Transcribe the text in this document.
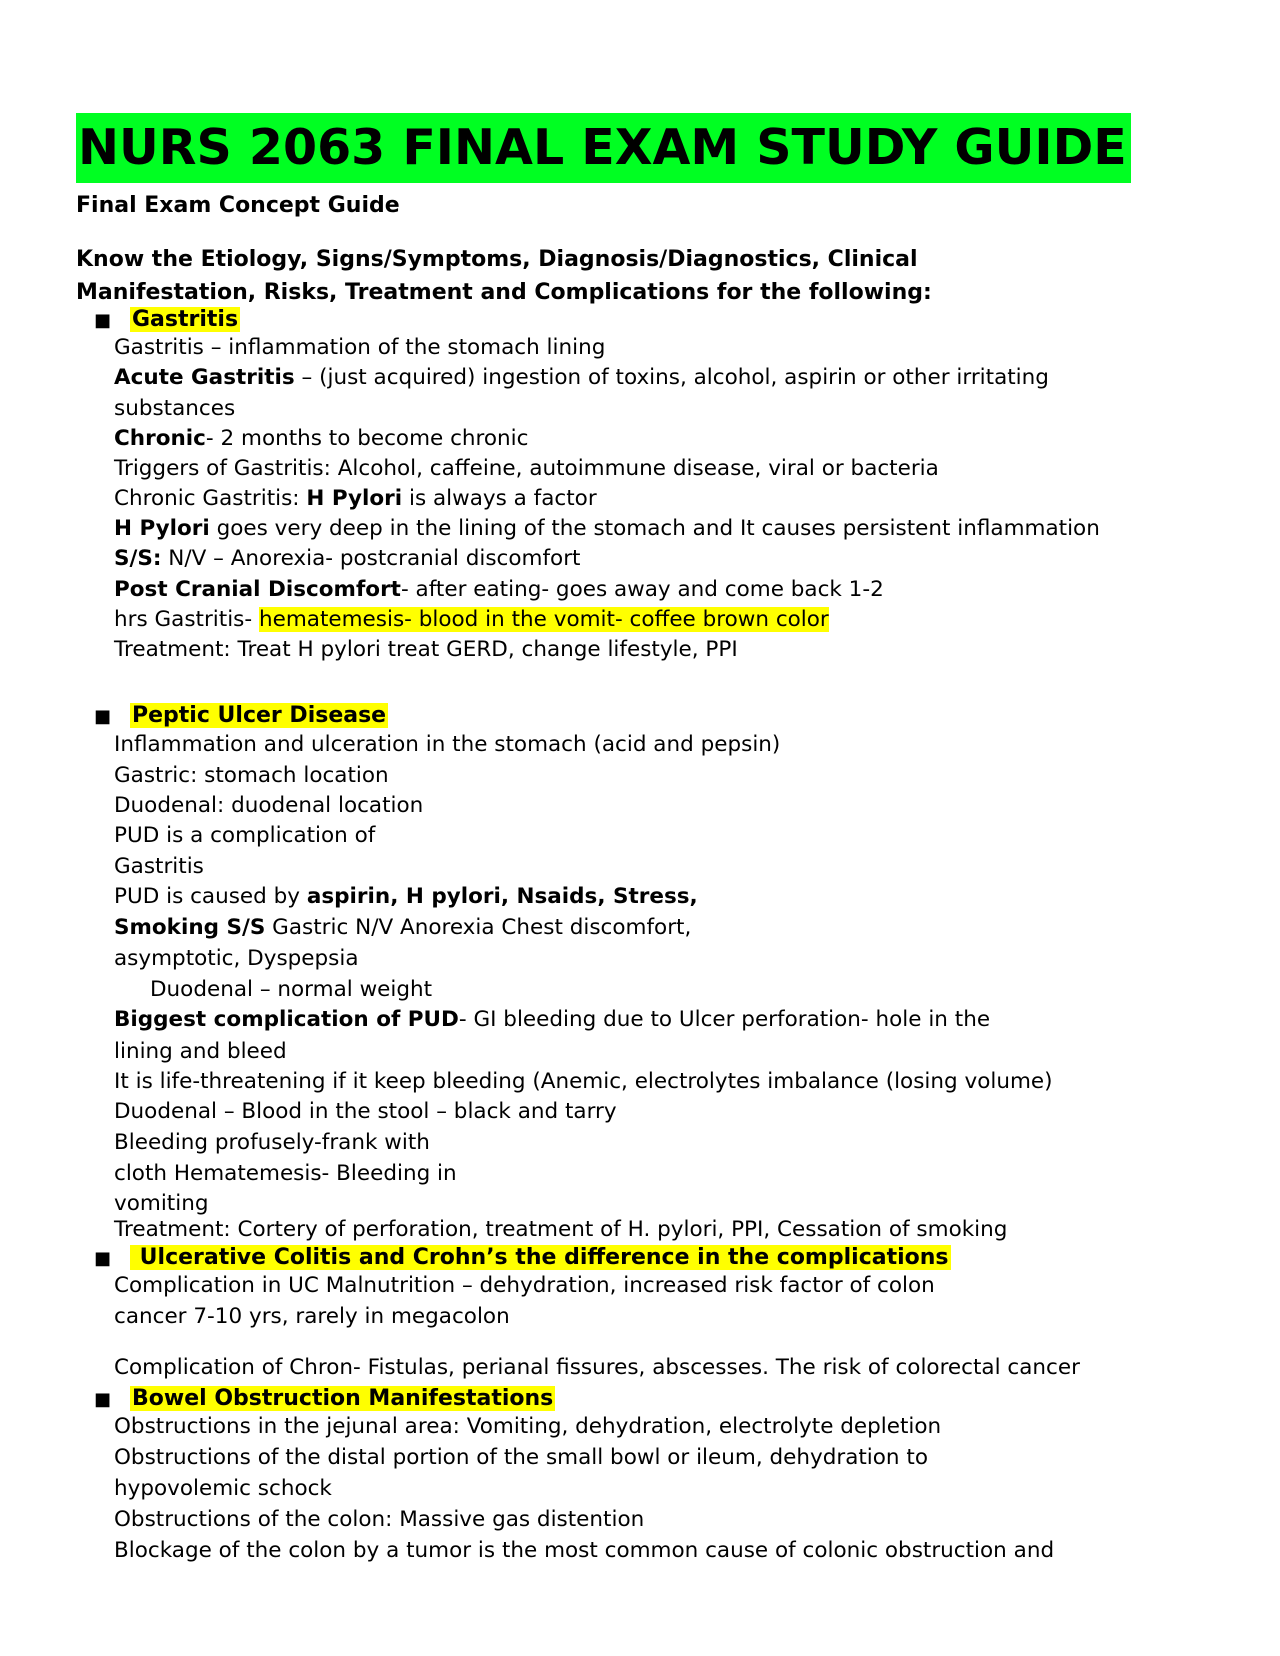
NURS 2063 FINAL EXAM STUDY GUIDE
Final Exam Concept Guide
Know the Etiology, Signs/Symptoms, Diagnosis/Diagnostics, Clinical
Manifestation, Risks, Treatment and Complications for the following:
■ Gastritis
Gastritis – inflammation of the stomach lining
Acute Gastritis – (just acquired) ingestion of toxins, alcohol, aspirin or other irritating
substances
Chronic- 2 months to become chronic
Triggers of Gastritis: Alcohol, caffeine, autoimmune disease, viral or bacteria
Chronic Gastritis: H Pylori is always a factor
H Pylori goes very deep in the lining of the stomach and It causes persistent inflammation
S/S: N/V – Anorexia- postcranial discomfort
Post Cranial Discomfort- after eating- goes away and come back 1-2
hrs Gastritis- hematemesis- blood in the vomit- coffee brown color
Treatment: Treat H pylori treat GERD, change lifestyle, PPI
■ Peptic Ulcer Disease
Inflammation and ulceration in the stomach (acid and pepsin)
Gastric: stomach location
Duodenal: duodenal location
PUD is a complication of
Gastritis
PUD is caused by aspirin, H pylori, Nsaids, Stress,
Smoking S/S Gastric N/V Anorexia Chest discomfort,
asymptotic, Dyspepsia
Duodenal – normal weight
Biggest complication of PUD- GI bleeding due to Ulcer perforation- hole in the
lining and bleed
It is life-threatening if it keep bleeding (Anemic, electrolytes imbalance (losing volume)
Duodenal – Blood in the stool – black and tarry
Bleeding profusely-frank with
cloth Hematemesis- Bleeding in
vomiting
Treatment: Cortery of perforation, treatment of H. pylori, PPI, Cessation of smoking
■ Ulcerative Colitis and Crohn’s the difference in the complications
Complication in UC Malnutrition – dehydration, increased risk factor of colon
cancer 7-10 yrs, rarely in megacolon
Complication of Chron- Fistulas, perianal fissures, abscesses. The risk of colorectal cancer
■ Bowel Obstruction Manifestations
Obstructions in the jejunal area: Vomiting, dehydration, electrolyte depletion
Obstructions of the distal portion of the small bowl or ileum, dehydration to
hypovolemic schock
Obstructions of the colon: Massive gas distention
Blockage of the colon by a tumor is the most common cause of colonic obstruction and
